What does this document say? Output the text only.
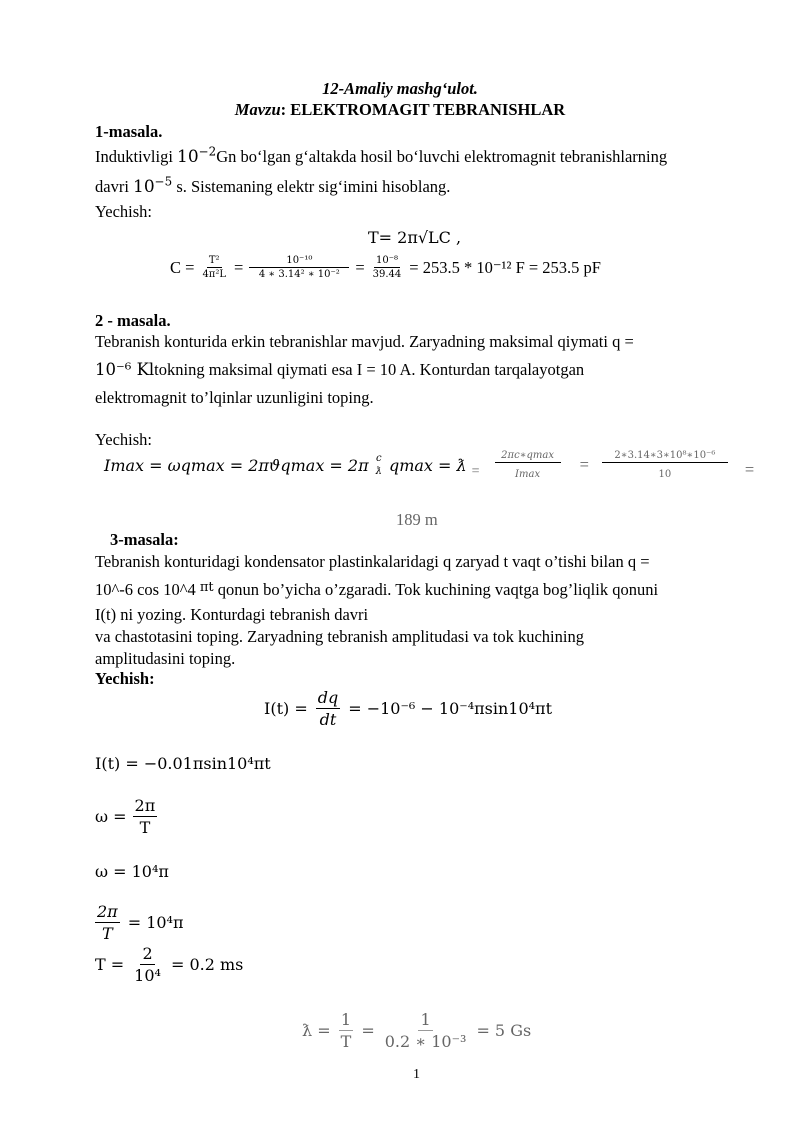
12-Amaliy mashg‘ulot.
Mavzu: ELEKTROMAGIT TEBRANISHLAR
1-masala.
Induktivligi $10^{-2}Gn$ bo‘lgan g‘altakda hosil bo‘luvchi elektromagnit tebranishlarning
davri $10^{-5}$ s. Sistemaning elektr sig‘imini hisoblang.
Yechish:
T= 2π√LC ,
$C = \frac{\text{T²}}{\text{4π²L}} = \frac{\text{10⁻¹⁰}}{\text{4 ∗ 3.14² ∗ 10⁻²}} = \frac{\text{10⁻⁸}}{39.44} = 253.5 * 10^{-12}$ F = 253.5 pF
2 - masala.
Tebranish konturida erkin tebranishlar mavjud. Zaryadning maksimal qiymati q =
10⁻⁶ Kltokning maksimal qiymati esa I = 10 A. Konturdan tarqalayotgan
elektromagnit to’lqinlar uzunligini toping.
Yechish:
Imax = ωqmax = 2πϑqmax = 2π c
ƛ qmax = ƛ = $\frac{2\pi c∗qmax}{Imax} = \frac{\text{2∗3.14∗3∗10⁸∗10⁻⁶}}{10}$ =
189 m
3-masala:
Tebranish konturidagi kondensator plastinkalaridagi q zaryad t vaqt o’tishi bilan q =
10^-6 cos 10^4 $^{\pi t}$ qonun bo’yicha o’zgaradi. Tok kuchining vaqtga bog’liqlik qonuni
I(t) ni yozing. Konturdagi tebranish davri
va chastotasini toping. Zaryadning tebranish amplitudasi va tok kuchining
amplitudasini toping.
Yechish:
$I(t) = \frac{dq}{dt} = -10^{-6} - 10^{-4}\pi\sin 10^4\pi t$
I(t) = −0.01πsin10⁴πt
$\omega = \frac{2\pi}{T}$
ω = 10⁴π
$\frac{2\pi}{T} = 10^4\pi$
$T = \frac{2}{\text{10⁴}} = 0.2$ ms
ƛ = $\frac{1}{T} = \frac{1}{\text{0.2 ∗ 10⁻³}} = 5$ Gs
1
